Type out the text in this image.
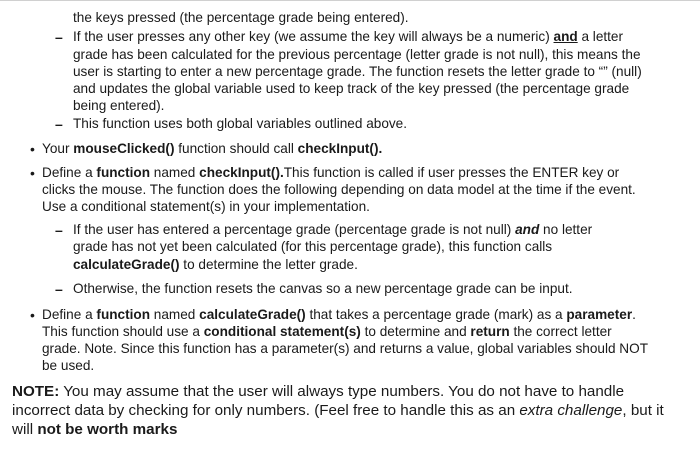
the keys pressed (the percentage grade being entered).
– If the user presses any other key (we assume the key will always be a numeric) and a letter
grade has been calculated for the previous percentage (letter grade is not null), this means the
user is starting to enter a new percentage grade. The function resets the letter grade to “” (null)
and updates the global variable used to keep track of the key pressed (the percentage grade
being entered).
– This function uses both global variables outlined above.
• Your mouseClicked() function should call checkInput().
• Define a function named checkInput().This function is called if user presses the ENTER key or
clicks the mouse. The function does the following depending on data model at the time if the event.
Use a conditional statement(s) in your implementation.
– If the user has entered a percentage grade (percentage grade is not null) and no letter
grade has not yet been calculated (for this percentage grade), this function calls
calculateGrade() to determine the letter grade.
– Otherwise, the function resets the canvas so a new percentage grade can be input.
• Define a function named calculateGrade() that takes a percentage grade (mark) as a parameter.
This function should use a conditional statement(s) to determine and return the correct letter
grade. Note. Since this function has a parameter(s) and returns a value, global variables should NOT
be used.
NOTE: You may assume that the user will always type numbers. You do not have to handle
incorrect data by checking for only numbers. (Feel free to handle this as an extra challenge, but it
will not be worth marks
